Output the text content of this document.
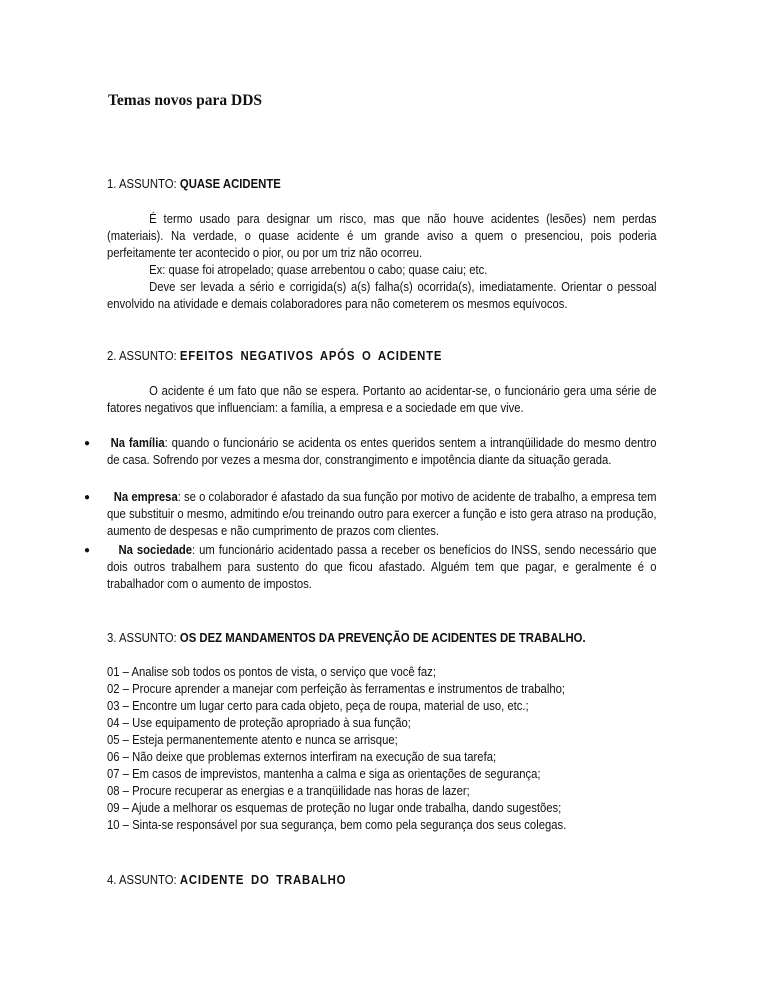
Temas novos para DDS
1. ASSUNTO: QUASE ACIDENTE
É termo usado para designar um risco, mas que não houve acidentes (lesões) nem perdas (materiais). Na verdade, o quase acidente é um grande aviso a quem o presenciou, pois poderia perfeitamente ter acontecido o pior, ou por um triz não ocorreu.
Ex: quase foi atropelado; quase arrebentou o cabo; quase caiu; etc.
Deve ser levada a sério e corrigida(s) a(s) falha(s) ocorrida(s), imediatamente. Orientar o pessoal envolvido na atividade e demais colaboradores para não cometerem os mesmos equívocos.
2. ASSUNTO: EFEITOS NEGATIVOS APÓS O ACIDENTE
O acidente é um fato que não se espera. Portanto ao acidentar-se, o funcionário gera uma série de fatores negativos que influenciam: a família, a empresa e a sociedade em que vive.
● Na família: quando o funcionário se acidenta os entes queridos sentem a intranqüilidade do mesmo dentro de casa. Sofrendo por vezes a mesma dor, constrangimento e impotência diante da situação gerada.
●	Na empresa: se o colaborador é afastado da sua função por motivo de acidente de trabalho, a empresa tem que substituir o mesmo, admitindo e/ou treinando outro para exercer a função e isto gera atraso na produção, aumento de despesas e não cumprimento de prazos com clientes.
●	Na sociedade: um funcionário acidentado passa a receber os benefícios do INSS, sendo necessário que dois outros trabalhem para sustento do que ficou afastado. Alguém tem que pagar, e geralmente é o trabalhador com o aumento de impostos.
3. ASSUNTO: OS DEZ MANDAMENTOS DA PREVENÇÃO DE ACIDENTES DE TRABALHO.
01 – Analise sob todos os pontos de vista, o serviço que você faz;
02 – Procure aprender a manejar com perfeição às ferramentas e instrumentos de trabalho;
03 – Encontre um lugar certo para cada objeto, peça de roupa, material de uso, etc.;
04 – Use equipamento de proteção apropriado à sua função;
05 – Esteja permanentemente atento e nunca se arrisque;
06 – Não deixe que problemas externos interfiram na execução de sua tarefa;
07 – Em casos de imprevistos, mantenha a calma e siga as orientações de segurança;
08 – Procure recuperar as energias e a tranqüilidade nas horas de lazer;
09 – Ajude a melhorar os esquemas de proteção no lugar onde trabalha, dando sugestões;
10 – Sinta-se responsável por sua segurança, bem como pela segurança dos seus colegas.
4. ASSUNTO: ACIDENTE DO TRABALHO
